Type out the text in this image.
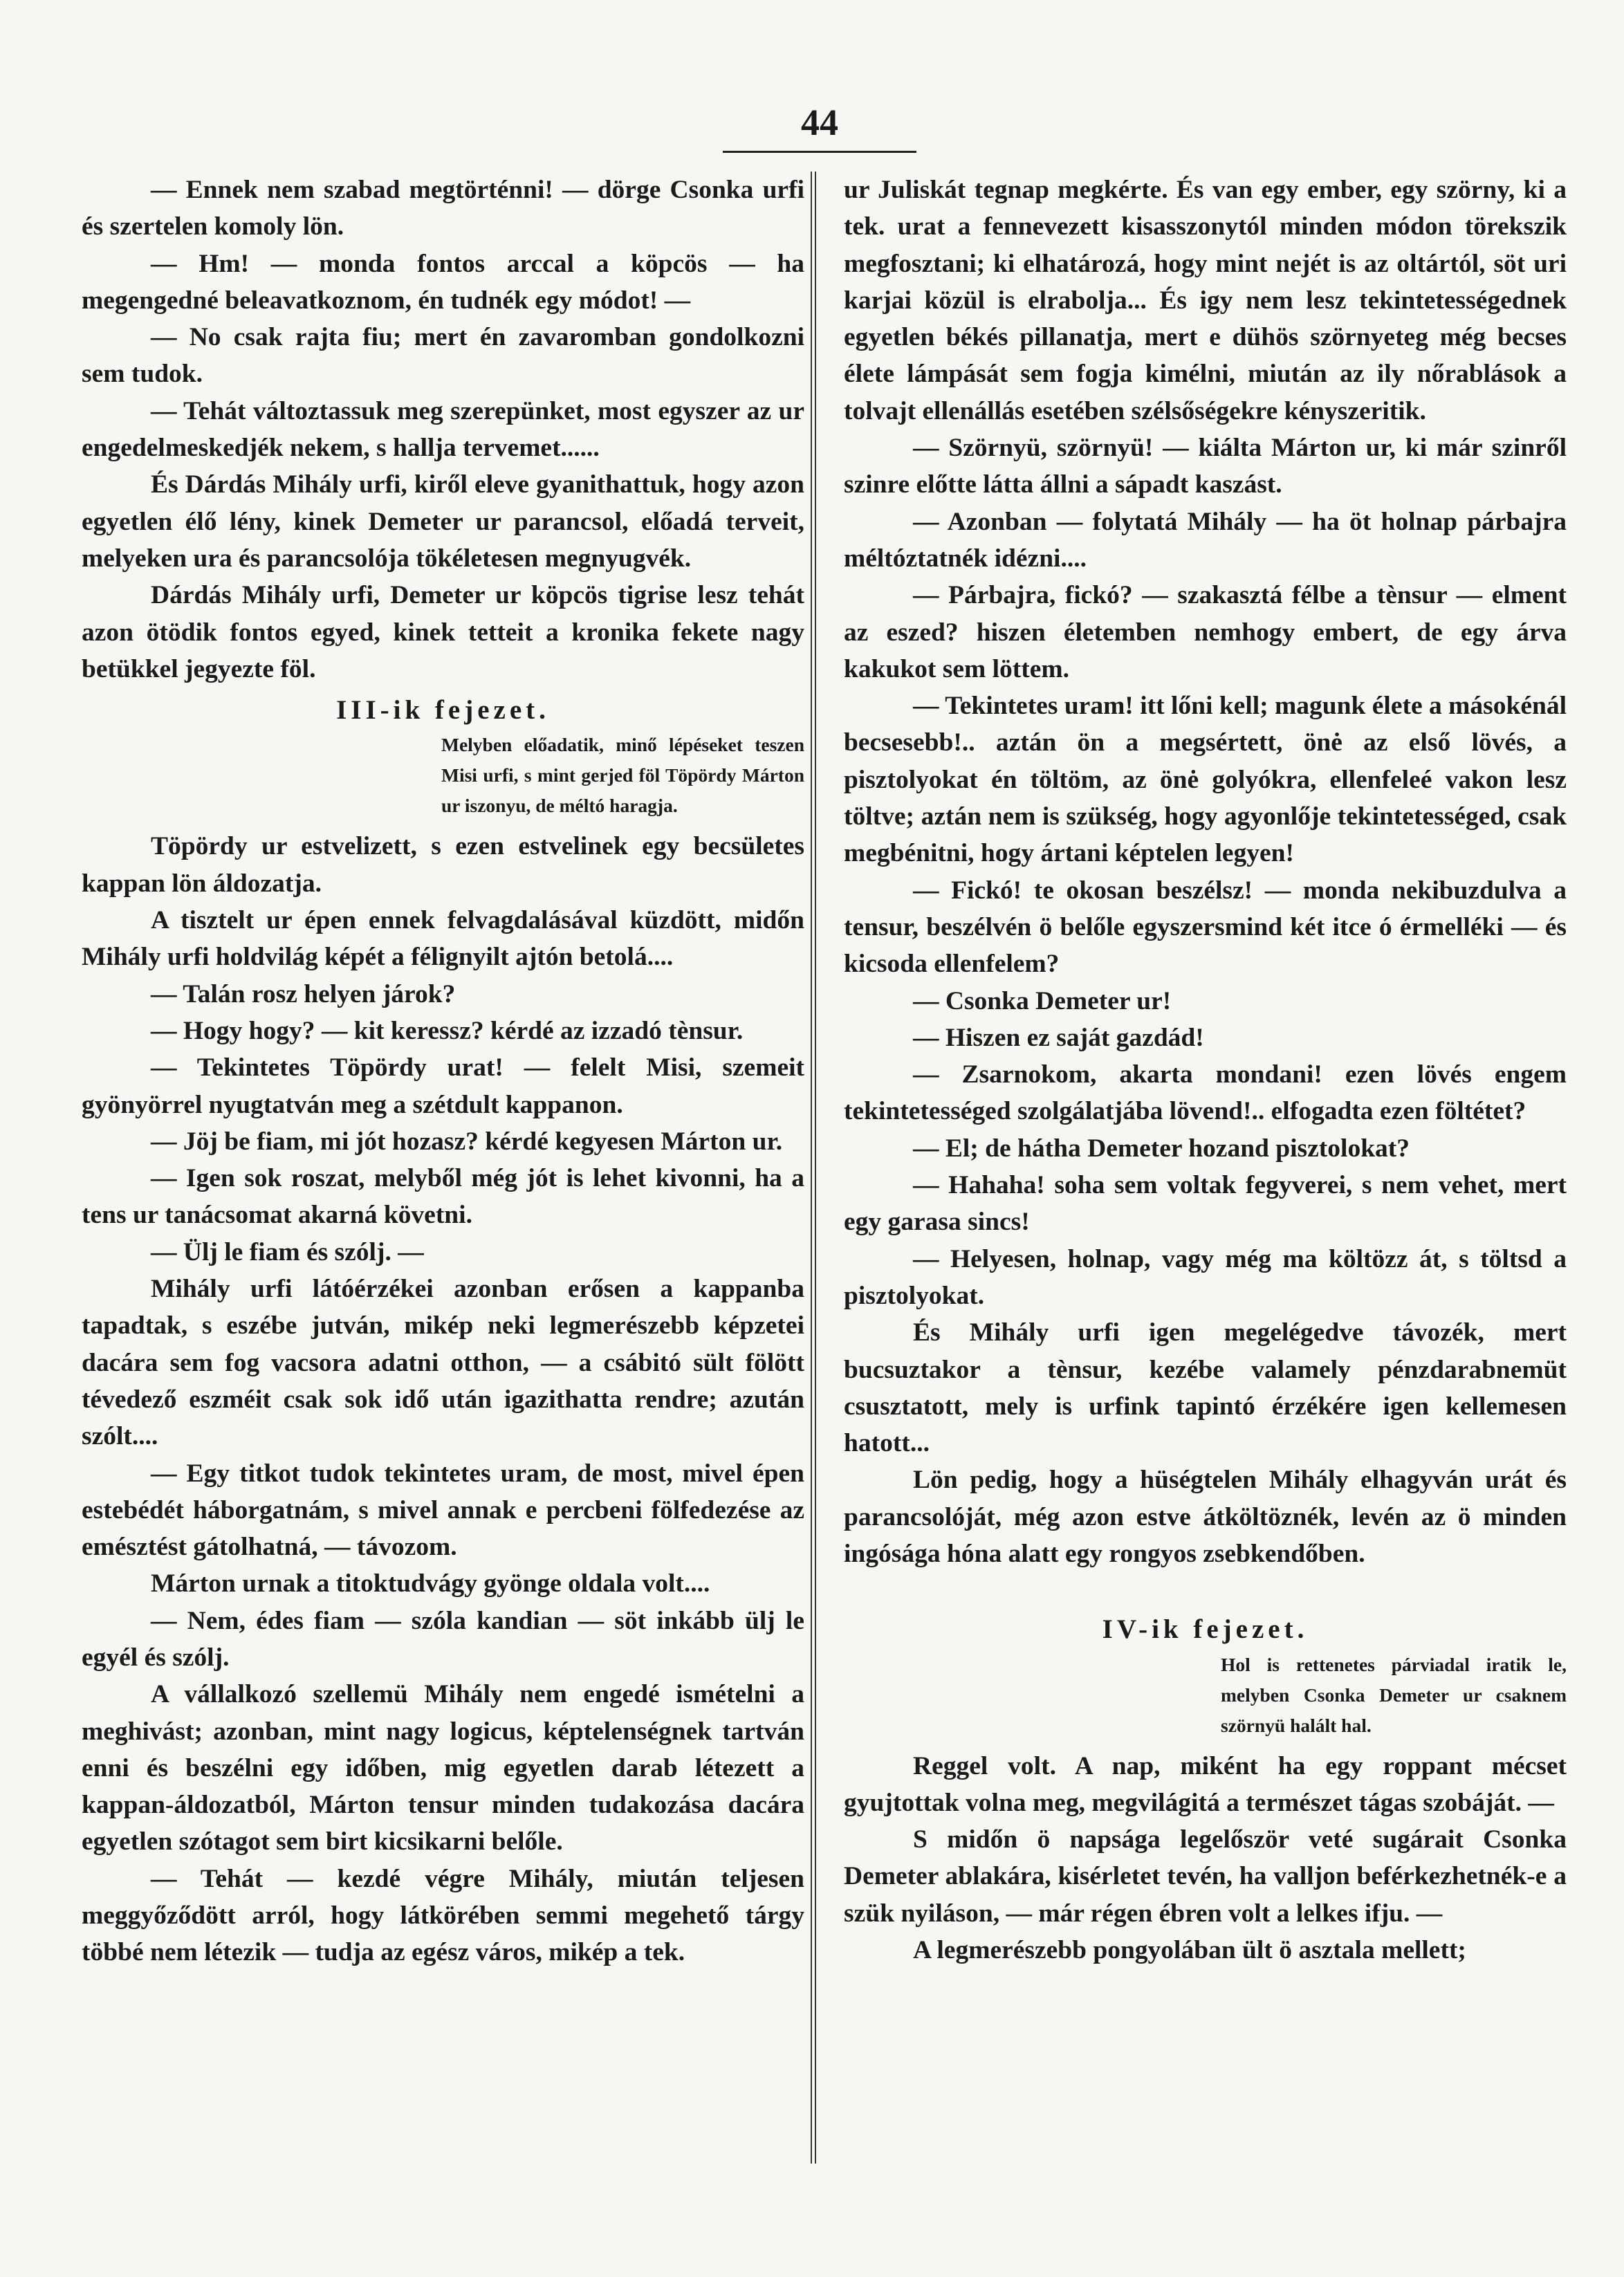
44

— Ennek nem szabad megtörténni! — dörge Csonka urfi és szertelen komoly lön.

— Hm! — monda fontos arccal a köpcös — ha megengedné beleavatkoznom, én tudnék egy módot! —

— No csak rajta fiu; mert én zavaromban gondolkozni sem tudok.

— Tehát változtassuk meg szerepünket, most egyszer az ur engedelmeskedjék nekem, s hallja tervemet......

És Dárdás Mihály urfi, kiről eleve gyanithattuk, hogy azon egyetlen élő lény, kinek Demeter ur parancsol, előadá terveit, melyeken ura és parancsolója tökéletesen megnyugvék.

Dárdás Mihály urfi, Demeter ur köpcös tigrise lesz tehát azon ötödik fontos egyed, kinek tetteit a kronika fekete nagy betükkel jegyezte föl.

III-ik fejezet.
Melyben előadatik, minő lépéseket teszen Misi urfi, s mint gerjed föl Töpördy Márton ur iszonyu, de méltó haragja.

Töpördy ur estvelizett, s ezen estvelinek egy becsületes kappan lön áldozatja.

A tisztelt ur épen ennek felvagdalásával küzdött, midőn Mihály urfi holdvilág képét a félignyilt ajtón betolá....

— Talán rosz helyen járok?

— Hogy hogy? — kit keressz? kérdé az izzadó tènsur.

— Tekintetes Töpördy urat! — felelt Misi, szemeit gyönyörrel nyugtatván meg a szétdult kappanon.

— Jöj be fiam, mi jót hozasz? kérdé kegyesen Márton ur.

— Igen sok roszat, melyből még jót is lehet kivonni, ha a tens ur tanácsomat akarná követni.

— Ülj le fiam és szólj. —

Mihály urfi látóérzékei azonban erősen a kappanba tapadtak, s eszébe jutván, mikép neki legmerészebb képzetei dacára sem fog vacsora adatni otthon, — a csábitó sült fölött tévedező eszméit csak sok idő után igazithatta rendre; azután szólt....

— Egy titkot tudok tekintetes uram, de most, mivel épen estebédét háborgatnám, s mivel annak e percbeni fölfedezése az emésztést gátolhatná, — távozom.

Márton urnak a titoktudvágy gyönge oldala volt....

— Nem, édes fiam — szóla kandian — söt inkább ülj le egyél és szólj.

A vállalkozó szellemü Mihály nem engedé ismételni a meghivást; azonban, mint nagy logicus, képtelenségnek tartván enni és beszélni egy időben, mig egyetlen darab létezett a kappan-áldozatból, Márton tensur minden tudakozása dacára egyetlen szótagot sem birt kicsikarni belőle.

— Tehát — kezdé végre Mihály, miután teljesen meggyőződött arról, hogy látkörében semmi megehető tárgy többé nem létezik — tudja az egész város, mikép a tek.

ur Juliskát tegnap megkérte. És van egy ember, egy szörny, ki a tek. urat a fennevezett kisasszonytól minden módon törekszik megfosztani; ki elhatározá, hogy mint nejét is az oltártól, söt uri karjai közül is elrabolja... És igy nem lesz tekintetességednek egyetlen békés pillanatja, mert e dühös szörnyeteg még becses élete lámpását sem fogja kimélni, miután az ily nőrablások a tolvajt ellenállás esetében szélsőségekre kényszeritik.

— Szörnyü, szörnyü! — kiálta Márton ur, ki már szinről szinre előtte látta állni a sápadt kaszást.

— Azonban — folytatá Mihály — ha öt holnap párbajra méltóztatnék idézni....

— Párbajra, fickó? — szakasztá félbe a tènsur — elment az eszed? hiszen életemben nemhogy embert, de egy árva kakukot sem löttem.

— Tekintetes uram! itt lőni kell; magunk élete a másokénál becsesebb!.. aztán ön a megsértett, önė az első lövés, a pisztolyokat én töltöm, az önė golyókra, ellenfeleé vakon lesz töltve; aztán nem is szükség, hogy agyonlője tekintetességed, csak megbénitni, hogy ártani képtelen legyen!

— Fickó! te okosan beszélsz! — monda nekibuzdulva a tensur, beszélvén ö belőle egyszersmind két itce ó érmelléki — és kicsoda ellenfelem?

— Csonka Demeter ur!

— Hiszen ez saját gazdád!

— Zsarnokom, akarta mondani! ezen lövés engem tekintetességed szolgálatjába lövend!.. elfogadta ezen föltétet?

— El; de hátha Demeter hozand pisztolokat?

— Hahaha! soha sem voltak fegyverei, s nem vehet, mert egy garasa sincs!

— Helyesen, holnap, vagy még ma költözz át, s töltsd a pisztolyokat.

És Mihály urfi igen megelégedve távozék, mert bucsuztakor a tènsur, kezébe valamely pénzdarabnemüt csusztatott, mely is urfink tapintó érzékére igen kellemesen hatott...

Lön pedig, hogy a hüségtelen Mihály elhagyván urát és parancsolóját, még azon estve átköltöznék, levén az ö minden ingósága hóna alatt egy rongyos zsebkendőben.

IV-ik fejezet.
Hol is rettenetes párviadal iratik le, melyben Csonka Demeter ur csaknem szörnyü halált hal.

Reggel volt. A nap, miként ha egy roppant mécset gyujtottak volna meg, megvilágitá a természet tágas szobáját. —

S midőn ö napsága legelőször veté sugárait Csonka Demeter ablakára, kisérletet tevén, ha valljon beférkezhetnék-e a szük nyiláson, — már régen ébren volt a lelkes ifju. —

A legmerészebb pongyolában ült ö asztala mellett;
